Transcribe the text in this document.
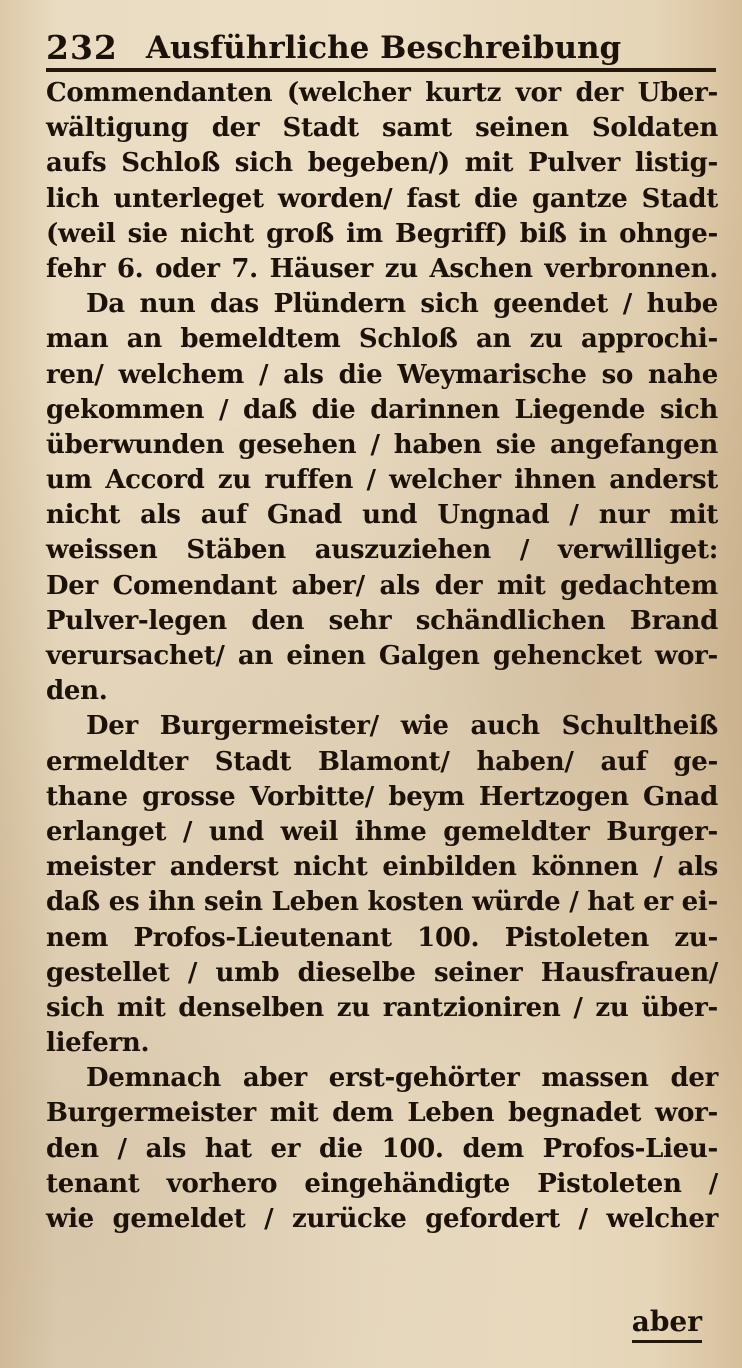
232 Ausführliche Beschreibung
Commendanten (welcher kurtz vor der Uber-
wältigung der Stadt samt seinen Soldaten
aufs Schloß sich begeben/) mit Pulver listig-
lich unterleget worden/ fast die gantze Stadt
(weil sie nicht groß im Begriff) biß in ohnge-
fehr 6. oder 7. Häuser zu Aschen verbronnen.
Da nun das Plündern sich geendet / hube
man an bemeldtem Schloß an zu approchi-
ren/ welchem / als die Weymarische so nahe
gekommen / daß die darinnen Liegende sich
überwunden gesehen / haben sie angefangen
um Accord zu ruffen / welcher ihnen anderst
nicht als auf Gnad und Ungnad / nur mit
weissen Stäben auszuziehen / verwilliget:
Der Comendant aber/ als der mit gedachtem
Pulver-legen den sehr schändlichen Brand
verursachet/ an einen Galgen gehencket wor-
den.
Der Burgermeister/ wie auch Schultheiß
ermeldter Stadt Blamont/ haben/ auf ge-
thane grosse Vorbitte/ beym Hertzogen Gnad
erlanget / und weil ihme gemeldter Burger-
meister anderst nicht einbilden können / als
daß es ihn sein Leben kosten würde / hat er ei-
nem Profos-Lieutenant 100. Pistoleten zu-
gestellet / umb dieselbe seiner Hausfrauen/
sich mit denselben zu rantzioniren / zu über-
liefern.
Demnach aber erst-gehörter massen der
Burgermeister mit dem Leben begnadet wor-
den / als hat er die 100. dem Profos-Lieu-
tenant vorhero eingehändigte Pistoleten /
wie gemeldet / zurücke gefordert / welcher
aber
